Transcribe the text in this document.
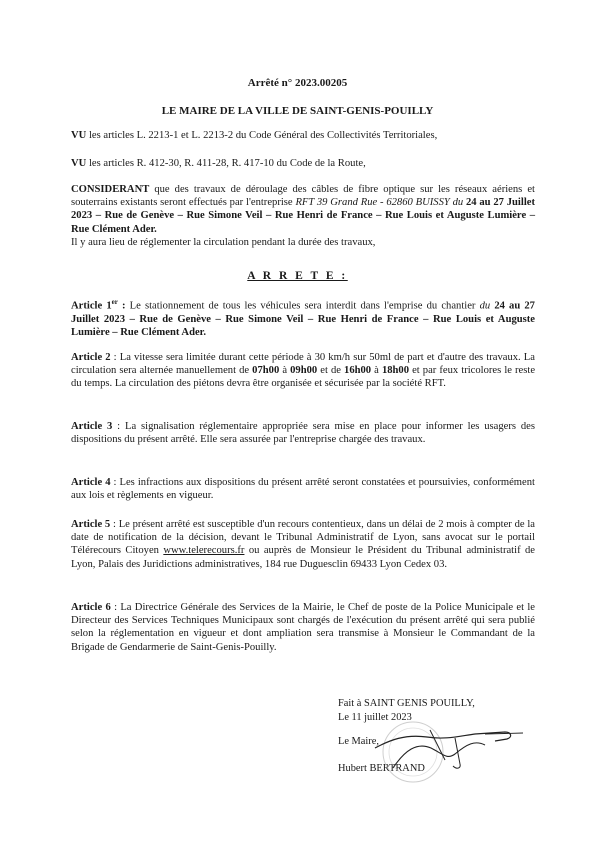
Arrêté n° 2023.00205
LE MAIRE DE LA VILLE DE SAINT-GENIS-POUILLY
VU les articles L. 2213-1 et L. 2213-2 du Code Général des Collectivités Territoriales,
VU les articles R. 412-30, R. 411-28, R. 417-10 du Code de la Route,
CONSIDERANT que des travaux de déroulage des câbles de fibre optique sur les réseaux aériens et souterrains existants seront effectués par l'entreprise RFT 39 Grand Rue - 62860 BUISSY du 24 au 27 Juillet 2023 – Rue de Genève – Rue Simone Veil – Rue Henri de France – Rue Louis et Auguste Lumière – Rue Clément Ader.
Il y aura lieu de réglementer la circulation pendant la durée des travaux,
A R R E T E :
Article 1er : Le stationnement de tous les véhicules sera interdit dans l'emprise du chantier du 24 au 27 Juillet 2023 – Rue de Genève – Rue Simone Veil – Rue Henri de France – Rue Louis et Auguste Lumière – Rue Clément Ader.
Article 2 : La vitesse sera limitée durant cette période à 30 km/h sur 50ml de part et d'autre des travaux. La circulation sera alternée manuellement de 07h00 à 09h00 et de 16h00 à 18h00 et par feux tricolores le reste du temps. La circulation des piétons devra être organisée et sécurisée par la société RFT.
Article 3 : La signalisation réglementaire appropriée sera mise en place pour informer les usagers des dispositions du présent arrêté. Elle sera assurée par l'entreprise chargée des travaux.
Article 4 : Les infractions aux dispositions du présent arrêté seront constatées et poursuivies, conformément aux lois et règlements en vigueur.
Article 5 : Le présent arrêté est susceptible d'un recours contentieux, dans un délai de 2 mois à compter de la date de notification de la décision, devant le Tribunal Administratif de Lyon, sans avocat sur le portail Télérecours Citoyen www.telerecours.fr ou auprès de Monsieur le Président du Tribunal administratif de Lyon, Palais des Juridictions administratives, 184 rue Duguesclin 69433 Lyon Cedex 03.
Article 6 : La Directrice Générale des Services de la Mairie, le Chef de poste de la Police Municipale et le Directeur des Services Techniques Municipaux sont chargés de l'exécution du présent arrêté qui sera publié selon la réglementation en vigueur et dont ampliation sera transmise à Monsieur le Commandant de la Brigade de Gendarmerie de Saint-Genis-Pouilly.
Fait à SAINT GENIS POUILLY,
Le 11 juillet 2023
Le Maire,
Hubert BERTRAND
